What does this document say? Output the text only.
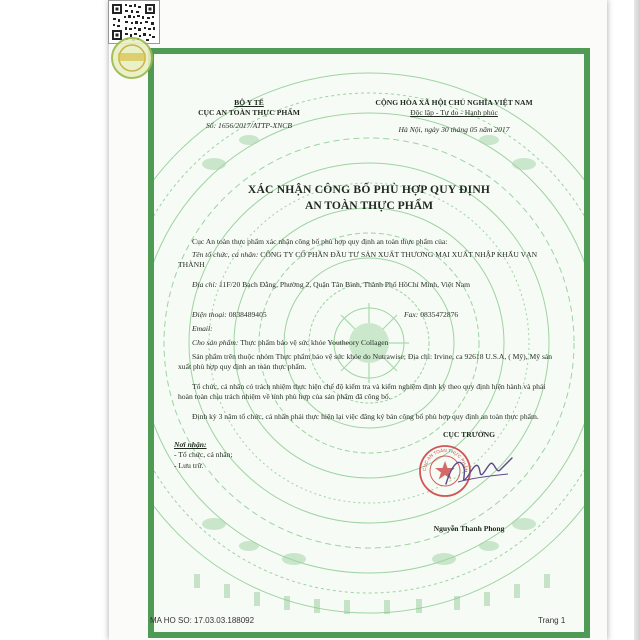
BỘ Y TẾ
CỤC AN TOÀN THỰC PHẨM
Số: 1656/2017/ATTP-XNCB
CỘNG HÒA XÃ HỘI CHỦ NGHĨA VIỆT NAM
Độc lập - Tự do - Hạnh phúc
Hà Nội, ngày 30 tháng 05 năm 2017
XÁC NHẬN CÔNG BỐ PHÙ HỢP QUY ĐỊNH
AN TOÀN THỰC PHẨM
Cục An toàn thực phẩm xác nhận công bố phù hợp quy định an toàn thực phẩm của:
Tên tổ chức, cá nhân: CÔNG TY CỔ PHẦN ĐẦU TƯ SẢN XUẤT THƯƠNG MẠI XUẤT NHẬP KHẨU VẠN THÀNH
Địa chỉ: 11F/20 Bạch Đằng, Phường 2, Quận Tân Bình, Thành Phố HồChí Minh, Việt Nam
Điện thoại: 0838489405	Fax: 0835472876
Email:
Cho sản phẩm: Thực phẩm bảo vệ sức khỏe Youtheory Collagen
Sản phẩm trên thuộc nhóm Thực phẩm bảo vệ sức khỏe do Nutrawise; Địa chỉ: Irvine, ca 92618 U.S.A, ( Mỹ), Mỹ sản xuất phù hợp quy định an toàn thực phẩm.
Tổ chức, cá nhân có trách nhiệm thực hiện chế độ kiểm tra và kiểm nghiệm định kỳ theo quy định hiện hành và phải hoàn toàn chịu trách nhiệm về tính phù hợp của sản phẩm đã công bố.
Định kỳ 3 năm tổ chức, cá nhân phải thực hiện lại việc đăng ký bản công bố phù hợp quy định an toàn thực phẩm.
Nơi nhận:
- Tổ chức, cá nhân;
- Lưu trữ.
CỤC TRƯỞNG
CỤC AN TOÀN THỰC PHẨM
Nguyễn Thanh Phong
MA HO SO: 17.03.03.188092	Trang 1
